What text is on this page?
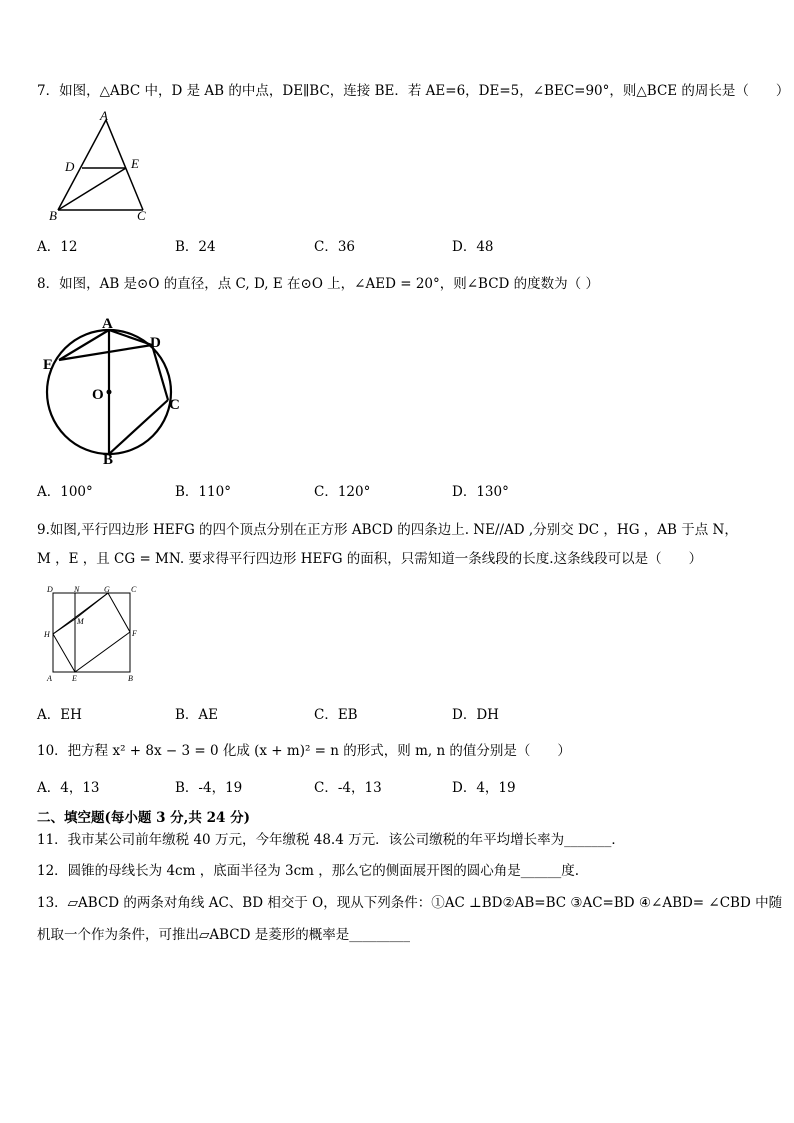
7．如图，△ABC 中，D 是 AB 的中点，DE∥BC，连接 BE．若 AE=6，DE=5，∠BEC=90°，则△BCE 的周长是（　　）
A
D	E
B	C
A．12	B．24	C．36	D．48
8．如图，AB 是⊙O 的直径，点 C, D, E 在⊙O 上，∠AED = 20°，则∠BCD 的度数为（ ）
A
E
D
O
C
B
A．100°	B．110°	C．120°	D．130°
9.如图,平行四边形 HEFG 的四个顶点分别在正方形 ABCD 的四条边上. NE//AD ,分别交 DC ，HG ，AB 于点 N，
M ，E ，且 CG = MN. 要求得平行四边形 HEFG 的面积，只需知道一条线段的长度.这条线段可以是（　　）
D	N	G	C
M
H	F
A	E	B
A．EH	B．AE	C．EB	D．DH
10．把方程 x² + 8x − 3 = 0 化成 (x + m)² = n 的形式，则 m, n 的值分别是（　　）
A．4，13	B．-4，19	C．-4，13	D．4，19
二、填空题(每小题 3 分,共 24 分)
11．我市某公司前年缴税 40 万元，今年缴税 48.4 万元．该公司缴税的年平均增长率为_______．
12．圆锥的母线长为 4cm ，底面半径为 3cm ，那么它的侧面展开图的圆心角是______度.
13．▱ABCD 的两条对角线 AC、BD 相交于 O，现从下列条件：①AC ⊥BD②AB=BC ③AC=BD ④∠ABD= ∠CBD 中随
机取一个作为条件，可推出▱ABCD 是菱形的概率是_________
